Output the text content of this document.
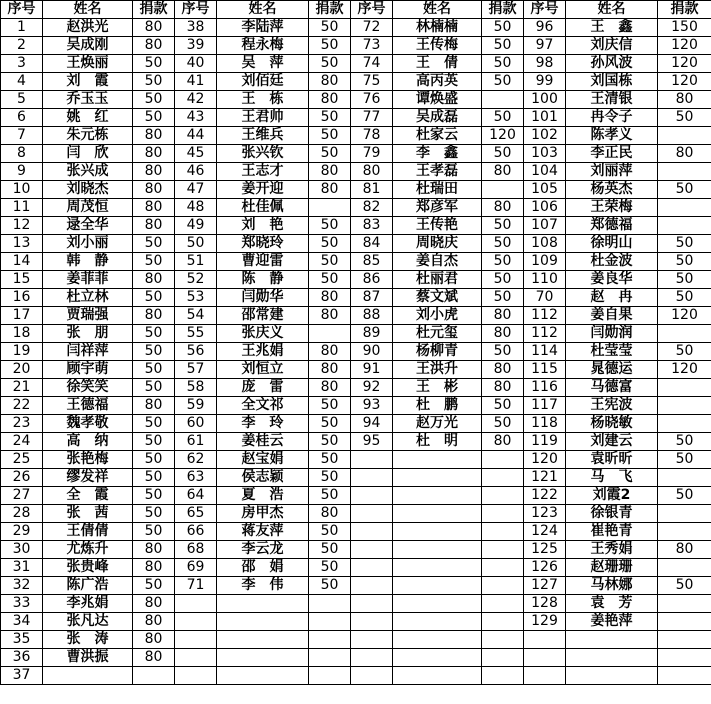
序号	姓名	捐款	序号	姓名	捐款	序号	姓名	捐款	序号	姓名	捐款
1	赵洪光	80	38	李陆萍	50	72	林楠楠	50	96	王　鑫	150
2	吴成刚	80	39	程永梅	50	73	王传梅	50	97	刘庆信	120
3	王焕丽	50	40	吴　萍	50	74	王　倩	50	98	孙风波	120
4	刘　霞	50	41	刘佰廷	80	75	高丙英	50	99	刘国栋	120
5	乔玉玉	50	42	王　栋	80	76	谭焕盛		100	王清银	80
6	姚　红	50	43	王君帅	50	77	吴成磊	50	101	冉令子	50
7	朱元栋	80	44	王维兵	50	78	杜家云	120	102	陈孝义	
8	闫　欣	80	45	张兴钦	50	79	李　鑫	50	103	李正民	80
9	张兴成	80	46	王志才	80	80	王孝磊	80	104	刘丽萍	
10	刘晓杰	80	47	姜开迎	80	81	杜瑞田		105	杨英杰	50
11	周茂恒	80	48	杜佳佩		82	郑彦军	80	106	王荣梅	
12	逯全华	80	49	刘　艳	50	83	王传艳	50	107	郑德福	
13	刘小丽	50	50	郑晓玲	50	84	周晓庆	50	108	徐明山	50
14	韩　静	50	51	曹迎雷	50	85	姜自杰	50	109	杜金波	50
15	姜菲菲	80	52	陈　静	50	86	杜丽君	50	110	姜良华	50
16	杜立林	50	53	闫勋华	80	87	蔡文斌	50	70	赵　冉	50
17	贾瑞强	80	54	邵常建	80	88	刘小虎	80	112	姜自果	120
18	张　朋	50	55	张庆义		89	杜元玺	80	112	闫勋润	
19	闫祥萍	50	56	王兆娟	80	90	杨柳青	50	114	杜莹莹	50
20	顾宇萌	50	57	刘恒立	80	91	王洪升	80	115	晁德运	120
21	徐笑笑	50	58	庞　雷	80	92	王　彬	80	116	马德富	
22	王德福	80	59	全文祁	50	93	杜　鹏	50	117	王宪波	
23	魏孝敬	50	60	李　玲	50	94	赵万光	50	118	杨晓敏	
24	高　纳	50	61	姜桂云	50	95	杜　明	80	119	刘建云	50
25	张艳梅	50	62	赵宝娟	50				120	袁昕昕	50
26	缪发祥	50	63	侯志颖	50				121	马　飞	
27	全　霞	50	64	夏　浩	50				122	刘霞2	50
28	张　茜	50	65	房甲杰	80				123	徐银青	
29	王倩倩	50	66	蒋友萍	50				124	崔艳青	
30	尤炼升	80	68	李云龙	50				125	王秀娟	80
31	张贵峰	80	69	邵　娟	50				126	赵珊珊	
32	陈广浩	50	71	李　伟	50				127	马林娜	50
33	李兆娟	80							128	袁　芳	
34	张凡达	80							129	姜艳萍	
35	张　涛	80									
36	曹洪振	80									
37											
